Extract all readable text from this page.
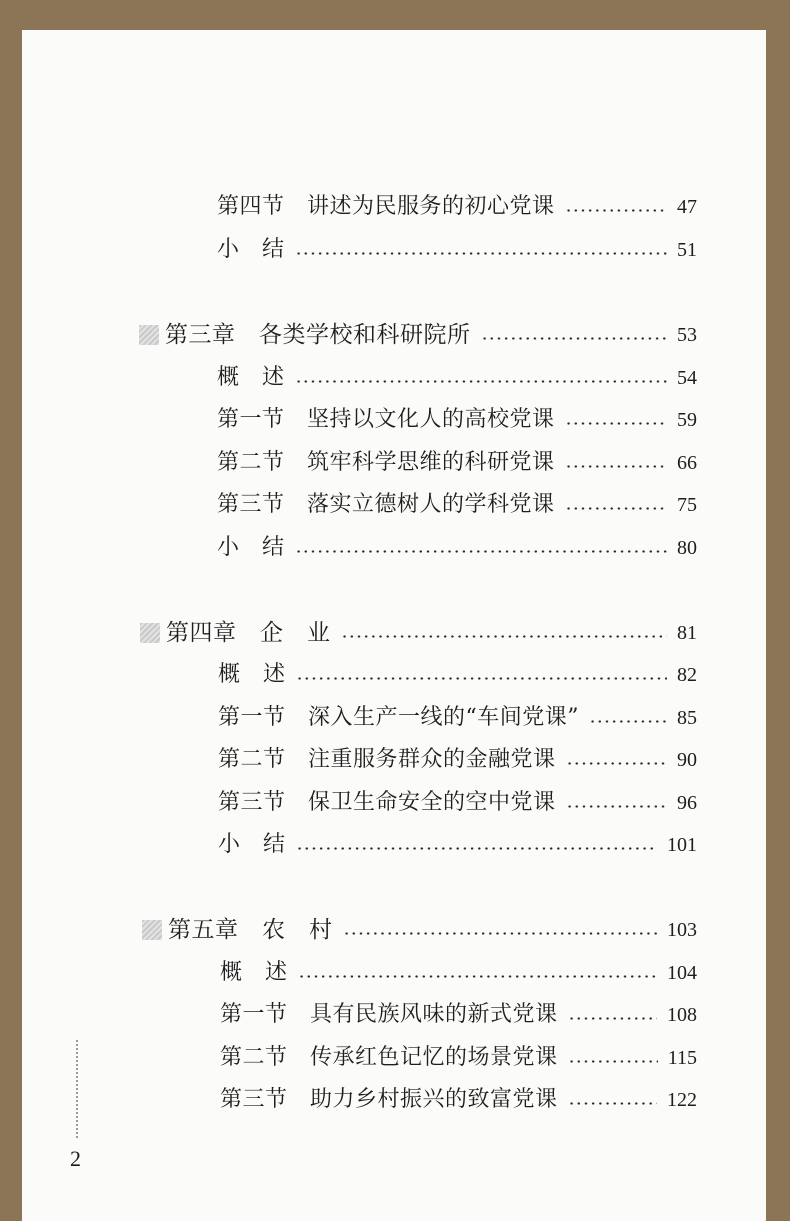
第四节　讲述为民服务的初心党课	47
小　结	51
第三章　各类学校和科研院所	53
概　述	54
第一节　坚持以文化人的高校党课	59
第二节　筑牢科学思维的科研党课	66
第三节　落实立德树人的学科党课	75
小　结	80
第四章　企　业	81
概　述	82
第一节　深入生产一线的“车间党课”	85
第二节　注重服务群众的金融党课	90
第三节　保卫生命安全的空中党课	96
小　结	101
第五章　农　村	103
概　述	104
第一节　具有民族风味的新式党课	108
第二节　传承红色记忆的场景党课	115
第三节　助力乡村振兴的致富党课	122
2
